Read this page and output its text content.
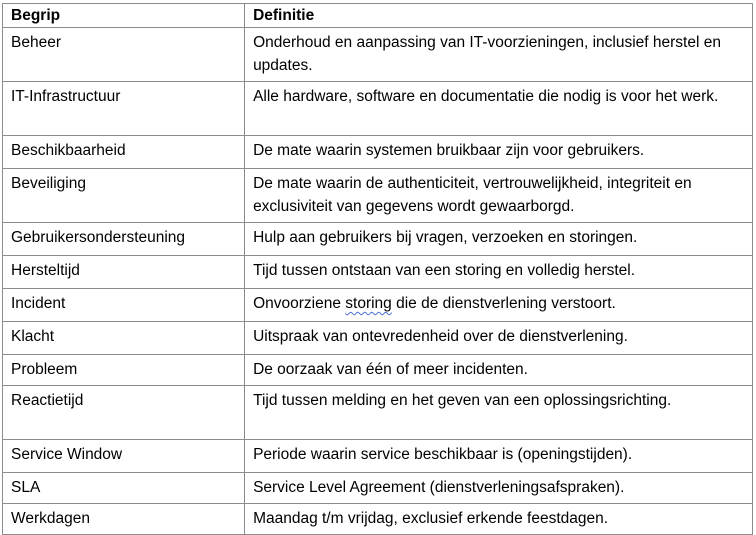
Begrip	Definitie
Beheer	Onderhoud en aanpassing van IT-voorzieningen, inclusief herstel en updates.
IT-Infrastructuur	Alle hardware, software en documentatie die nodig is voor het werk.
Beschikbaarheid	De mate waarin systemen bruikbaar zijn voor gebruikers.
Beveiliging	De mate waarin de authenticiteit, vertrouwelijkheid, integriteit en exclusiviteit van gegevens wordt gewaarborgd.
Gebruikersondersteuning	Hulp aan gebruikers bij vragen, verzoeken en storingen.
Hersteltijd	Tijd tussen ontstaan van een storing en volledig herstel.
Incident	Onvoorziene storing die de dienstverlening verstoort.
Klacht	Uitspraak van ontevredenheid over de dienstverlening.
Probleem	De oorzaak van één of meer incidenten.
Reactietijd	Tijd tussen melding en het geven van een oplossingsrichting.
Service Window	Periode waarin service beschikbaar is (openingstijden).
SLA	Service Level Agreement (dienstverleningsafspraken).
Werkdagen	Maandag t/m vrijdag, exclusief erkende feestdagen.
